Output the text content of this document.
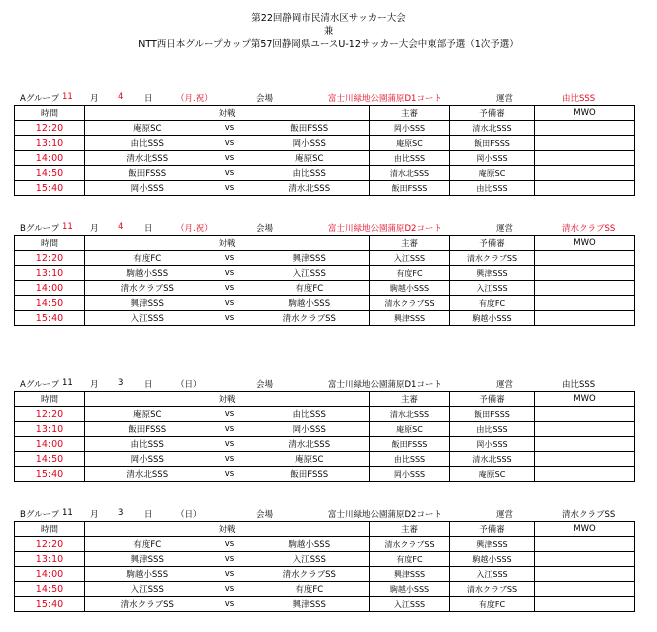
第22回静岡市民清水区サッカー大会
兼
NTT西日本グループカップ第57回静岡県ユースU-12サッカー大会中東部予選（1次予選）
Aグループ 11 月 4 日	（月.祝）	会場	富士川緑地公園蒲原D1コート	運営	由比SSS
時間	対戦			主審	予備審	MWO
12:20	庵原SC	vs	飯田FSSS	岡小SSS	清水北SSS	
13:10	由比SSS	vs	岡小SSS	庵原SC	飯田FSSS	
14:00	清水北SSS	vs	庵原SC	由比SSS	岡小SSS	
14:50	飯田FSSS	vs	由比SSS	清水北SSS	庵原SC	
15:40	岡小SSS	vs	清水北SSS	飯田FSSS	由比SSS	
Bグループ 11 月 4 日	（月.祝）	会場	富士川緑地公園蒲原D2コート	運営	清水クラブSS
時間	対戦			主審	予備審	MWO
12:20	有度FC	vs	興津SSS	入江SSS	清水クラブSS	
13:10	駒越小SSS	vs	入江SSS	有度FC	興津SSS	
14:00	清水クラブSS	vs	有度FC	駒越小SSS	入江SSS	
14:50	興津SSS	vs	駒越小SSS	清水クラブSS	有度FC	
15:40	入江SSS	vs	清水クラブSS	興津SSS	駒越小SSS	
Aグループ 11 月 3 日	（日）	会場	富士川緑地公園蒲原D1コート	運営	由比SSS
時間	対戦			主審	予備審	MWO
12:20	庵原SC	vs	由比SSS	清水北SSS	飯田FSSS	
13:10	飯田FSSS	vs	岡小SSS	庵原SC	由比SSS	
14:00	由比SSS	vs	清水北SSS	飯田FSSS	岡小SSS	
14:50	岡小SSS	vs	庵原SC	由比SSS	清水北SSS	
15:40	清水北SSS	vs	飯田FSSS	岡小SSS	庵原SC	
Bグループ 11 月 3 日	（日）	会場	富士川緑地公園蒲原D2コート	運営	清水クラブSS
時間	対戦			主審	予備審	MWO
12:20	有度FC	vs	駒越小SSS	清水クラブSS	興津SSS	
13:10	興津SSS	vs	入江SSS	有度FC	駒越小SSS	
14:00	駒越小SSS	vs	清水クラブSS	興津SSS	入江SSS	
14:50	入江SSS	vs	有度FC	駒越小SSS	清水クラブSS	
15:40	清水クラブSS	vs	興津SSS	入江SSS	有度FC	
